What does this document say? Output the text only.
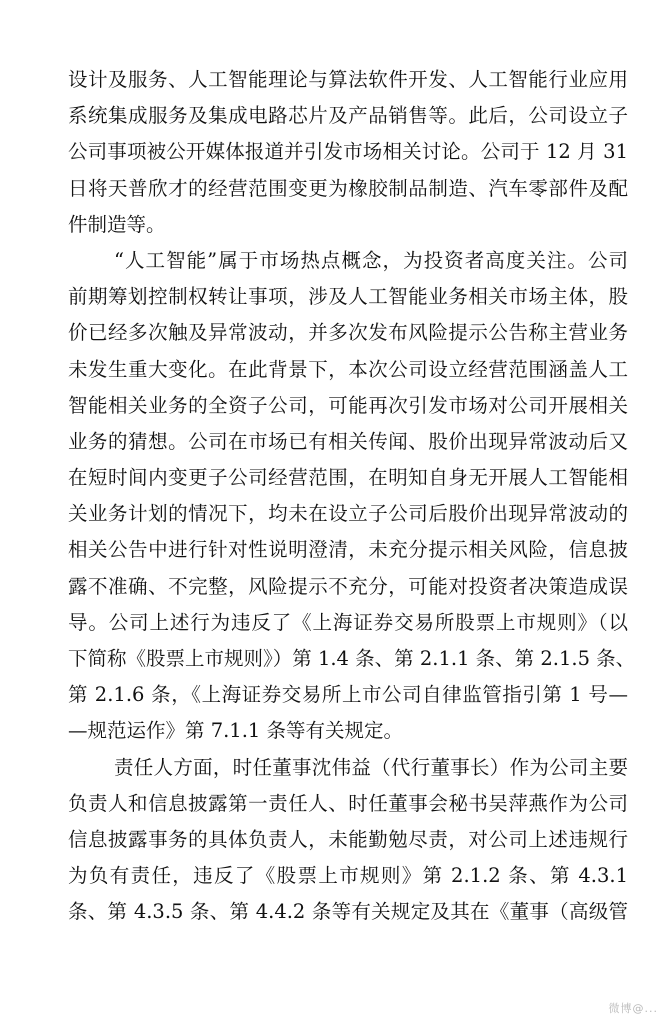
设计及服务、人工智能理论与算法软件开发、人工智能行业应用
系统集成服务及集成电路芯片及产品销售等。此后，公司设立子
公司事项被公开媒体报道并引发市场相关讨论。公司于 12 月 31
日将天普欣才的经营范围变更为橡胶制品制造、汽车零部件及配
件制造等。
“人工智能”属于市场热点概念，为投资者高度关注。公司
前期筹划控制权转让事项，涉及人工智能业务相关市场主体，股
价已经多次触及异常波动，并多次发布风险提示公告称主营业务
未发生重大变化。在此背景下，本次公司设立经营范围涵盖人工
智能相关业务的全资子公司，可能再次引发市场对公司开展相关
业务的猜想。公司在市场已有相关传闻、股价出现异常波动后又
在短时间内变更子公司经营范围，在明知自身无开展人工智能相
关业务计划的情况下，均未在设立子公司后股价出现异常波动的
相关公告中进行针对性说明澄清，未充分提示相关风险，信息披
露不准确、不完整，风险提示不充分，可能对投资者决策造成误
导。公司上述行为违反了《上海证券交易所股票上市规则》（以
下简称《股票上市规则》）第 1.4 条、第 2.1.1 条、第 2.1.5 条、
第 2.1.6 条，《上海证券交易所上市公司自律监管指引第 1 号—
—规范运作》第 7.1.1 条等有关规定。
责任人方面，时任董事沈伟益（代行董事长）作为公司主要
负责人和信息披露第一责任人、时任董事会秘书吴萍燕作为公司
信息披露事务的具体负责人，未能勤勉尽责，对公司上述违规行
为负有责任，违反了《股票上市规则》第 2.1.2 条、第 4.3.1
条、第 4.3.5 条、第 4.4.2 条等有关规定及其在《董事（高级管
微博@...
